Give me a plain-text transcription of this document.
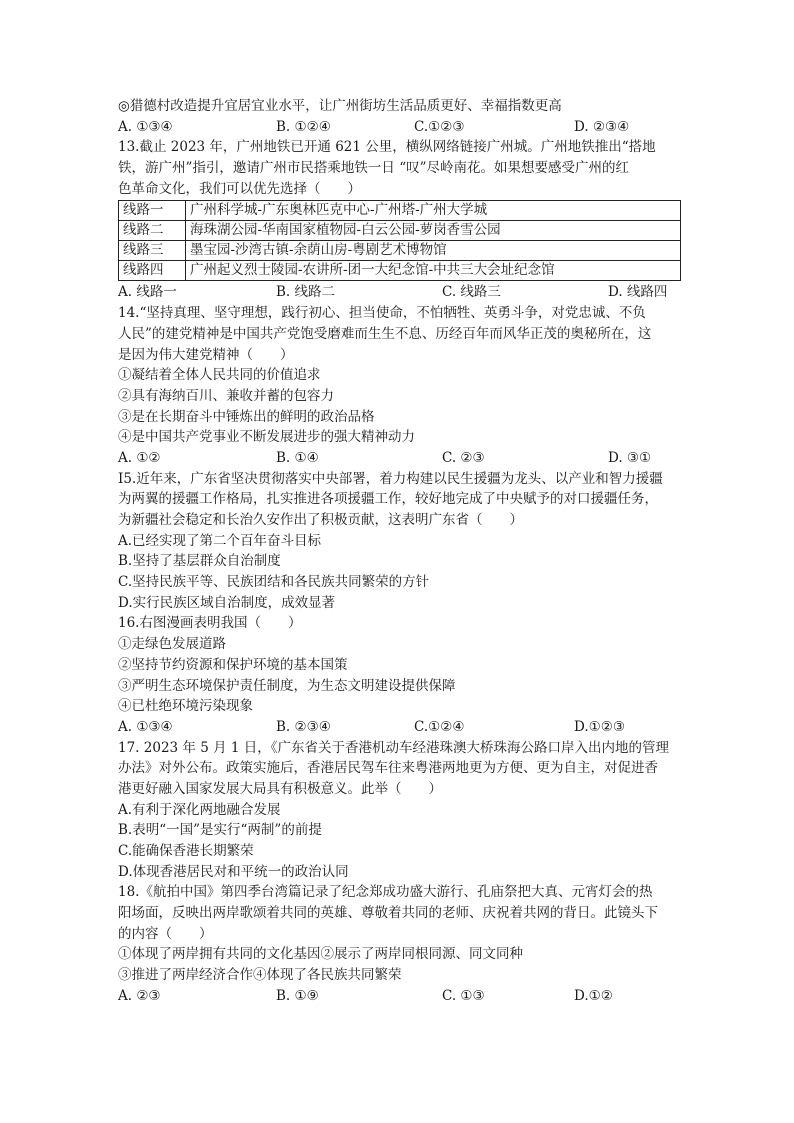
◎猎德村改造提升宜居宜业水平，让广州街坊生活品质更好、幸福指数更高
A. ①③④	B. ①②④	C.①②③	D. ②③④
13.截止 2023 年，广州地铁已开通 621 公里，横纵网络链接广州城。广州地铁推出“搭地
铁，游广州”指引，邀请广州市民搭乘地铁一日 “叹”尽岭南花。如果想要感受广州的红
色革命文化，我们可以优先选择（　　）
线路一	广州科学城-广东奥林匹克中心-广州塔-广州大学城
线路二	海珠湖公园-华南国家植物园-白云公园-萝岗香雪公园
线路三	墨宝园-沙湾古镇-余荫山房-粤剧艺术博物馆
线路四	广州起义烈士陵园-农讲所-团一大纪念馆-中共三大会址纪念馆
A. 线路一	B. 线路二	C. 线路三	D. 线路四
14.“坚持真理、坚守理想，践行初心、担当使命，不怕牺牲、英勇斗争，对党忠诚、不负
人民”的建党精神是中国共产党饱受磨难而生生不息、历经百年而风华正茂的奥秘所在，这
是因为伟大建党精神（　　）
①凝结着全体人民共同的价值追求
②具有海纳百川、兼收并蓄的包容力
③是在长期奋斗中锤炼出的鲜明的政治品格
④是中国共产党事业不断发展进步的强大精神动力
A. ①②	B. ①④	C. ②③	D. ③①
I5.近年来，广东省坚决贯彻落实中央部署，着力构建以民生援疆为龙头、以产业和智力援疆
为两翼的援疆工作格局，扎实推进各项援疆工作，较好地完成了中央赋予的对口援疆任务，
为新疆社会稳定和长治久安作出了积极贡献，这表明广东省（　　）
A.已经实现了第二个百年奋斗目标
B.坚持了基层群众自治制度
C.坚持民族平等、民族团结和各民族共同繁荣的方针
D.实行民族区域自治制度，成效显著
16.右图漫画表明我国（　　）
①走绿色发展道路
②坚持节约资源和保护环境的基本国策
③严明生态环境保护责任制度，为生态文明建设提供保障
④已杜绝环境污染现象
A. ①③④	B. ②③④	C.①②④	D.①②③
17. 2023 年 5 月 1 日，《广东省关于香港机动车经港珠澳大桥珠海公路口岸入出内地的管理
办法》对外公布。政策实施后，香港居民驾车往来粤港两地更为方便、更为自主，对促进香
港更好融入国家发展大局具有积极意义。此举（　　）
A.有利于深化两地融合发展
B.表明“一国”是实行“两制”的前提
C.能确保香港长期繁荣
D.体现香港居民对和平统一的政治认同
18.《航拍中国》第四季台湾篇记录了纪念郑成功盛大游行、孔庙祭把大真、元宵灯会的热
阳场面，反映出两岸歌颂着共同的英雄、尊敬着共同的老师、庆祝着共网的背日。此镜头下
的内容（　　）
①体现了两岸拥有共同的文化基因②展示了两岸同根同源、同文同种
③推进了两岸经济合作④体现了各民族共同繁荣
A. ②③	B. ①⑨	C. ①③	D.①②
